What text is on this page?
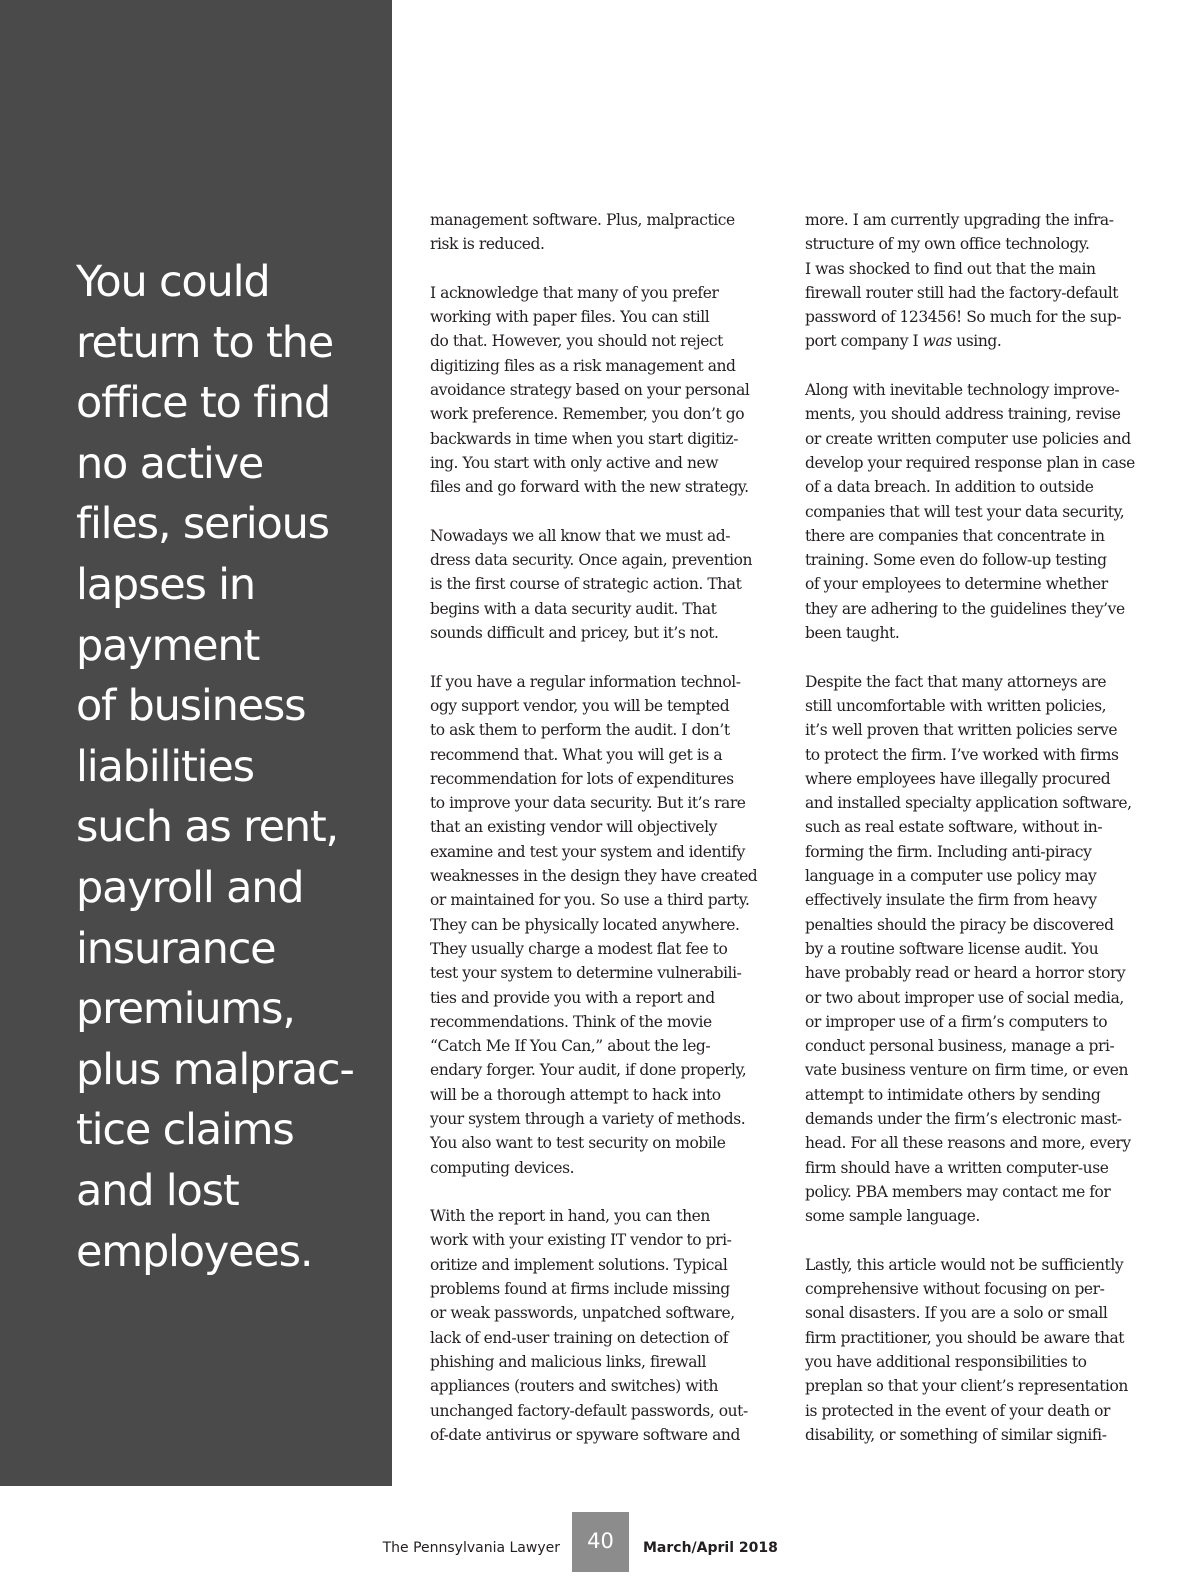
You could
return to the
office to find
no active
files, serious
lapses in
payment
of business
liabilities
such as rent,
payroll and
insurance
premiums,
plus malprac-
tice claims
and lost
employees.

management software. Plus, malpractice
risk is reduced.

I acknowledge that many of you prefer
working with paper files. You can still
do that. However, you should not reject
digitizing files as a risk management and
avoidance strategy based on your personal
work preference. Remember, you don’t go
backwards in time when you start digitiz-
ing. You start with only active and new
files and go forward with the new strategy.

Nowadays we all know that we must ad-
dress data security. Once again, prevention
is the first course of strategic action. That
begins with a data security audit. That
sounds difficult and pricey, but it’s not.

If you have a regular information technol-
ogy support vendor, you will be tempted
to ask them to perform the audit. I don’t
recommend that. What you will get is a
recommendation for lots of expenditures
to improve your data security. But it’s rare
that an existing vendor will objectively
examine and test your system and identify
weaknesses in the design they have created
or maintained for you. So use a third party.
They can be physically located anywhere.
They usually charge a modest flat fee to
test your system to determine vulnerabili-
ties and provide you with a report and
recommendations. Think of the movie
“Catch Me If You Can,” about the leg-
endary forger. Your audit, if done properly,
will be a thorough attempt to hack into
your system through a variety of methods.
You also want to test security on mobile
computing devices.

With the report in hand, you can then
work with your existing IT vendor to pri-
oritize and implement solutions. Typical
problems found at firms include missing
or weak passwords, unpatched software,
lack of end-user training on detection of
phishing and malicious links, firewall
appliances (routers and switches) with
unchanged factory-default passwords, out-
of-date antivirus or spyware software and

more. I am currently upgrading the infra-
structure of my own office technology.
I was shocked to find out that the main
firewall router still had the factory-default
password of 123456! So much for the sup-
port company I was using.

Along with inevitable technology improve-
ments, you should address training, revise
or create written computer use policies and
develop your required response plan in case
of a data breach. In addition to outside
companies that will test your data security,
there are companies that concentrate in
training. Some even do follow-up testing
of your employees to determine whether
they are adhering to the guidelines they’ve
been taught.

Despite the fact that many attorneys are
still uncomfortable with written policies,
it’s well proven that written policies serve
to protect the firm. I’ve worked with firms
where employees have illegally procured
and installed specialty application software,
such as real estate software, without in-
forming the firm. Including anti-piracy
language in a computer use policy may
effectively insulate the firm from heavy
penalties should the piracy be discovered
by a routine software license audit. You
have probably read or heard a horror story
or two about improper use of social media,
or improper use of a firm’s computers to
conduct personal business, manage a pri-
vate business venture on firm time, or even
attempt to intimidate others by sending
demands under the firm’s electronic mast-
head. For all these reasons and more, every
firm should have a written computer-use
policy. PBA members may contact me for
some sample language.

Lastly, this article would not be sufficiently
comprehensive without focusing on per-
sonal disasters. If you are a solo or small
firm practitioner, you should be aware that
you have additional responsibilities to
preplan so that your client’s representation
is protected in the event of your death or
disability, or something of similar signifi-

The Pennsylvania Lawyer	40	March/April 2018
